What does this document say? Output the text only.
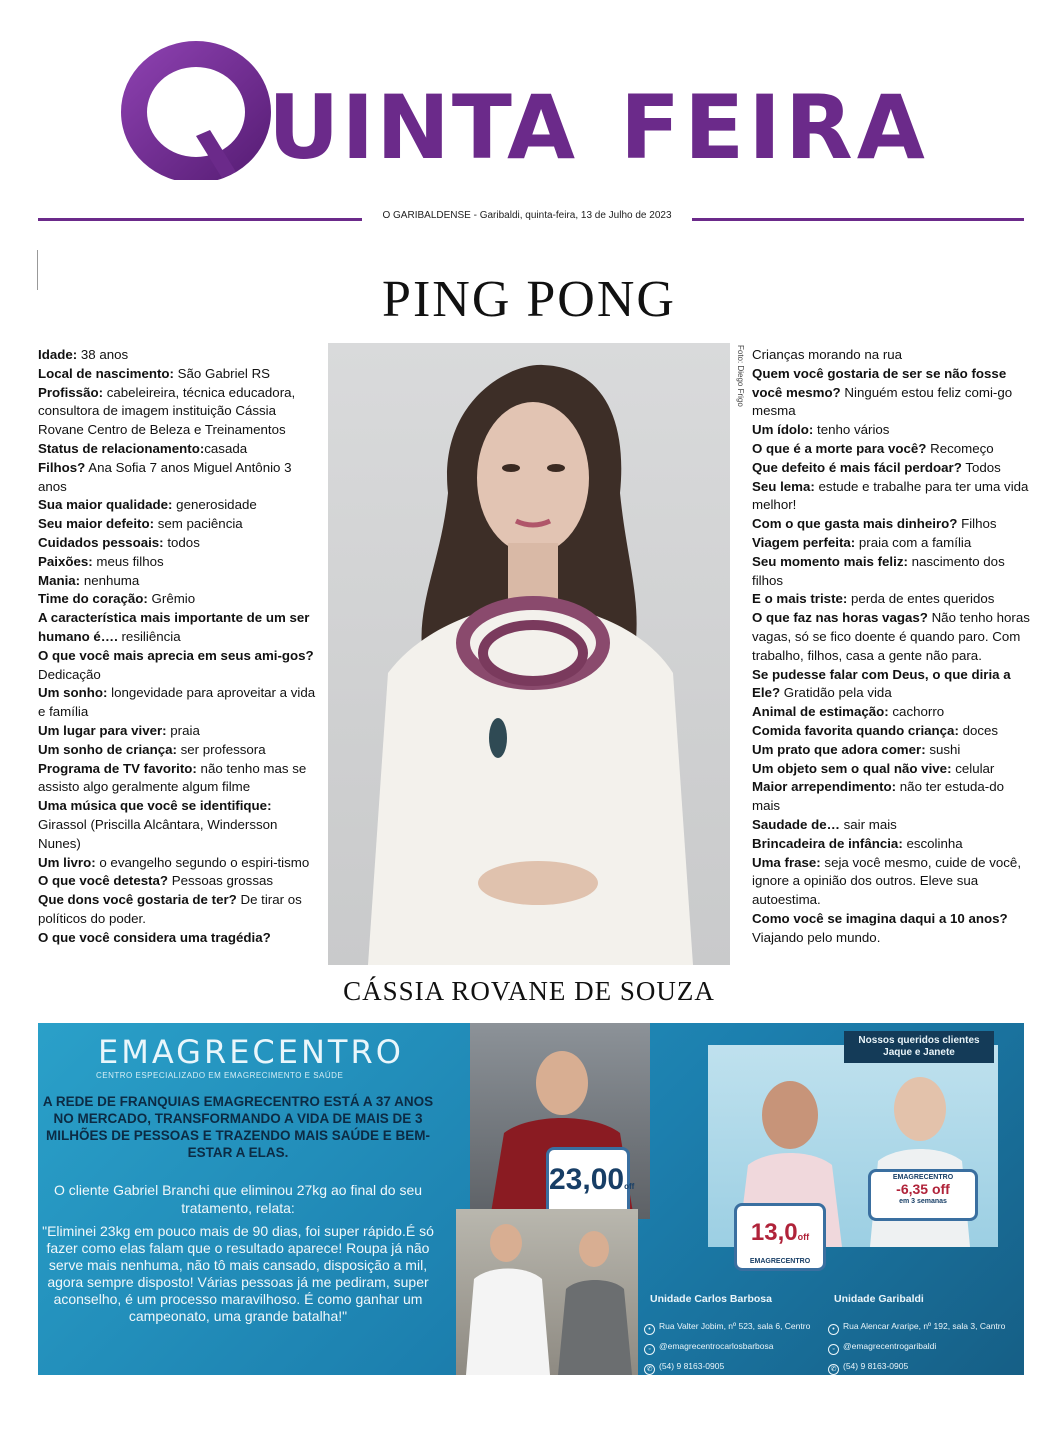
UINTA FEIRA
O GARIBALDENSE - Garibaldi, quinta-feira, 13 de Julho de 2023
PING PONG
Idade: 38 anos
Local de nascimento: São Gabriel RS
Profissão: cabeleireira, técnica educadora, consultora de imagem instituição Cássia Rovane Centro de Beleza e Treinamentos
Status de relacionamento:casada
Filhos? Ana Sofia 7 anos Miguel Antônio 3 anos
Sua maior qualidade: generosidade
Seu maior defeito: sem paciência
Cuidados pessoais: todos
Paixões: meus filhos
Mania: nenhuma
Time do coração: Grêmio
A característica mais importante de um ser humano é…. resiliência
O que você mais aprecia em seus ami-gos? Dedicação
Um sonho: longevidade para aproveitar a vida e família
Um lugar para viver: praia
Um sonho de criança: ser professora
Programa de TV favorito: não tenho mas se assisto algo geralmente algum filme
Uma música que você se identifique: Girassol (Priscilla Alcântara, Windersson Nunes)
Um livro: o evangelho segundo o espiri-tismo
O que você detesta? Pessoas grossas
Que dons você gostaria de ter? De tirar os políticos do poder.
O que você considera uma tragédia?
Foto: Diego Frigo
CÁSSIA ROVANE DE SOUZA
Crianças morando na rua
Quem você gostaria de ser se não fosse você mesmo? Ninguém estou feliz comi-go mesma
Um ídolo: tenho vários
O que é a morte para você? Recomeço
Que defeito é mais fácil perdoar? Todos
Seu lema: estude e trabalhe para ter uma vida melhor!
Com o que gasta mais dinheiro? Filhos
Viagem perfeita: praia com a família
Seu momento mais feliz: nascimento dos filhos
E o mais triste: perda de entes queridos
O que faz nas horas vagas? Não tenho horas vagas, só se fico doente é quando paro. Com trabalho, filhos, casa a gente não para.
Se pudesse falar com Deus, o que diria a Ele? Gratidão pela vida
Animal de estimação: cachorro
Comida favorita quando criança: doces
Um prato que adora comer: sushi
Um objeto sem o qual não vive: celular
Maior arrependimento: não ter estuda-do mais
Saudade de… sair mais
Brincadeira de infância: escolinha
Uma frase: seja você mesmo, cuide de você, ignore a opinião dos outros. Eleve sua autoestima.
Como você se imagina daqui a 10 anos? Viajando pelo mundo.
EMAGRECENTRO
CENTRO ESPECIALIZADO EM EMAGRECIMENTO E SAÚDE
A REDE DE FRANQUIAS EMAGRECENTRO ESTÁ A 37 ANOS NO MERCADO, TRANSFORMANDO A VIDA DE MAIS DE 3 MILHÕES DE PESSOAS E TRAZENDO MAIS SAÚDE E BEM-ESTAR A ELAS.
O cliente Gabriel Branchi que eliminou 27kg ao final do seu tratamento, relata:
"Eliminei 23kg em pouco mais de 90 dias, foi super rápido.É só fazer como elas falam que o resultado aparece! Roupa já não serve mais nenhuma, não tô mais cansado, disposição a mil, agora sempre disposto! Várias pessoas já me pediram, super aconselho, é um processo maravilhoso. É como ganhar um campeonato, uma grande batalha!"
23,00off
Nossos queridos clientes Jaque e Janete
13,0off
EMAGRECENTRO
EMAGRECENTRO
-6,35 off
em 3 semanas
Unidade Carlos Barbosa
• Rua Valter Jobim, nº 523, sala 6, Centro
◦ @emagrecentrocarlosbarbosa
✆ (54) 9 8163-0905
Unidade Garibaldi
• Rua Alencar Araripe, nº 192, sala 3, Cantro
◦ @emagrecentrogaribaldi
✆ (54) 9 8163-0905
